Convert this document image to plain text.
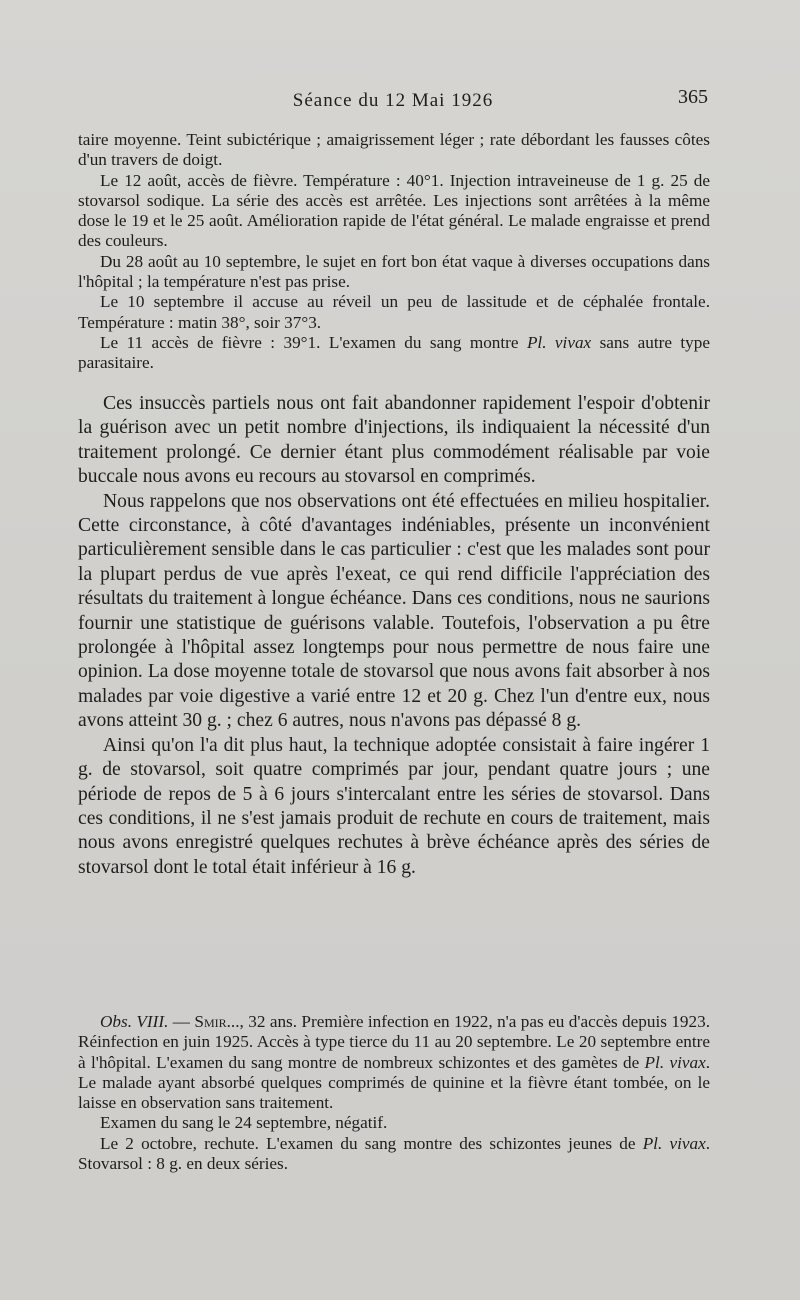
Séance du 12 Mai 1926	365

taire moyenne. Teint subictérique ; amaigrissement léger ; rate débordant les fausses côtes d'un travers de doigt.

Le 12 août, accès de fièvre. Température : 40°1. Injection intraveineuse de 1 g. 25 de stovarsol sodique. La série des accès est arrêtée. Les injections sont arrêtées à la même dose le 19 et le 25 août. Amélioration rapide de l'état général. Le malade engraisse et prend des couleurs.

Du 28 août au 10 septembre, le sujet en fort bon état vaque à diverses occupations dans l'hôpital ; la température n'est pas prise.

Le 10 septembre il accuse au réveil un peu de lassitude et de céphalée frontale. Température : matin 38°, soir 37°3.

Le 11 accès de fièvre : 39°1. L'examen du sang montre Pl. vivax sans autre type parasitaire.

Ces insuccès partiels nous ont fait abandonner rapidement l'espoir d'obtenir la guérison avec un petit nombre d'injections, ils indiquaient la nécessité d'un traitement prolongé. Ce dernier étant plus commodément réalisable par voie buccale nous avons eu recours au stovarsol en comprimés.

Nous rappelons que nos observations ont été effectuées en milieu hospitalier. Cette circonstance, à côté d'avantages indéniables, présente un inconvénient particulièrement sensible dans le cas particulier : c'est que les malades sont pour la plupart perdus de vue après l'exeat, ce qui rend difficile l'appréciation des résultats du traitement à longue échéance. Dans ces conditions, nous ne saurions fournir une statistique de guérisons valable. Toutefois, l'observation a pu être prolongée à l'hôpital assez longtemps pour nous permettre de nous faire une opinion. La dose moyenne totale de stovarsol que nous avons fait absorber à nos malades par voie digestive a varié entre 12 et 20 g. Chez l'un d'entre eux, nous avons atteint 30 g. ; chez 6 autres, nous n'avons pas dépassé 8 g.

Ainsi qu'on l'a dit plus haut, la technique adoptée consistait à faire ingérer 1 g. de stovarsol, soit quatre comprimés par jour, pendant quatre jours ; une période de repos de 5 à 6 jours s'intercalant entre les séries de stovarsol. Dans ces conditions, il ne s'est jamais produit de rechute en cours de traitement, mais nous avons enregistré quelques rechutes à brève échéance après des séries de stovarsol dont le total était inférieur à 16 g.

Obs. VIII. — Smir..., 32 ans. Première infection en 1922, n'a pas eu d'accès depuis 1923. Réinfection en juin 1925. Accès à type tierce du 11 au 20 septembre. Le 20 septembre entre à l'hôpital. L'examen du sang montre de nombreux schizontes et des gamètes de Pl. vivax. Le malade ayant absorbé quelques comprimés de quinine et la fièvre étant tombée, on le laisse en observation sans traitement.

Examen du sang le 24 septembre, négatif.

Le 2 octobre, rechute. L'examen du sang montre des schizontes jeunes de Pl. vivax. Stovarsol : 8 g. en deux séries.
